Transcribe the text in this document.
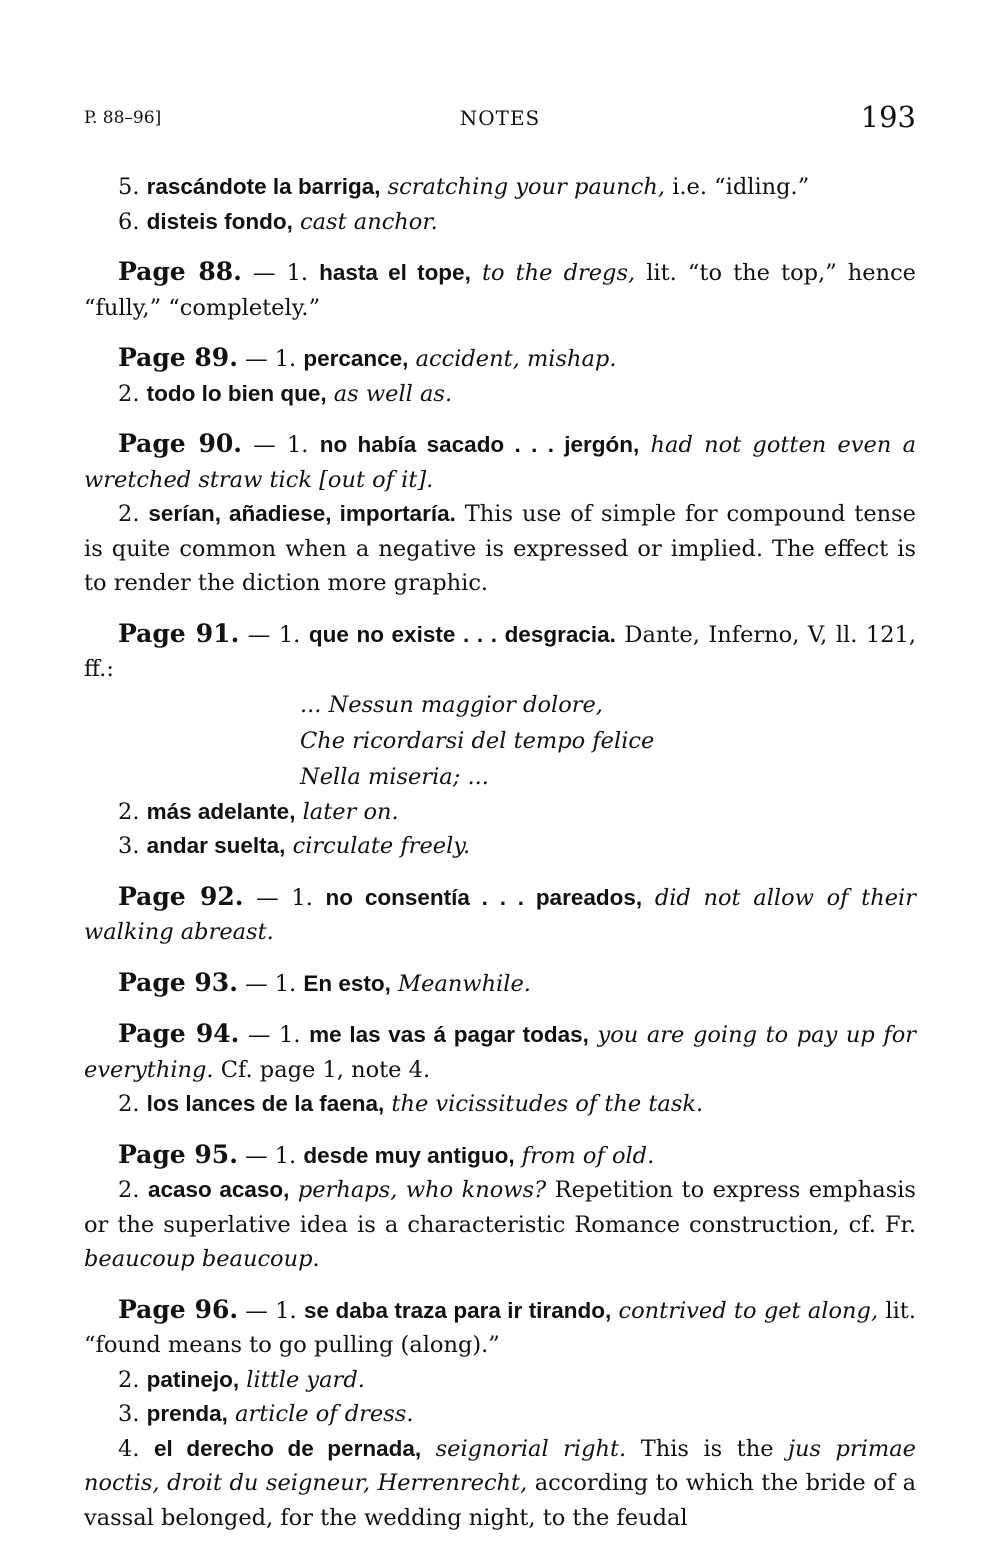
P. 88–96]	NOTES	193

5. rascándote la barriga, scratching your paunch, i.e. “idling.”

6. disteis fondo, cast anchor.

Page 88. — 1. hasta el tope, to the dregs, lit. “to the top,” hence “fully,” “completely.”

Page 89. — 1. percance, accident, mishap.

2. todo lo bien que, as well as.

Page 90. — 1. no había sacado . . . jergón, had not gotten even a wretched straw tick [out of it].

2. serían, añadiese, importaría. This use of simple for compound tense is quite common when a negative is expressed or implied. The effect is to render the diction more graphic.

Page 91. — 1. que no existe . . . desgracia. Dante, Inferno, V, ll. 121, ff.:

... Nessun maggior dolore,
Che ricordarsi del tempo felice
Nella miseria; ...

2. más adelante, later on.

3. andar suelta, circulate freely.

Page 92. — 1. no consentía . . . pareados, did not allow of their walking abreast.

Page 93. — 1. En esto, Meanwhile.

Page 94. — 1. me las vas á pagar todas, you are going to pay up for everything. Cf. page 1, note 4.

2. los lances de la faena, the vicissitudes of the task.

Page 95. — 1. desde muy antiguo, from of old.

2. acaso acaso, perhaps, who knows? Repetition to express emphasis or the superlative idea is a characteristic Romance construction, cf. Fr. beaucoup beaucoup.

Page 96. — 1. se daba traza para ir tirando, contrived to get along, lit. “found means to go pulling (along).”

2. patinejo, little yard.

3. prenda, article of dress.

4. el derecho de pernada, seignorial right. This is the jus primae noctis, droit du seigneur, Herrenrecht, according to which the bride of a vassal belonged, for the wedding night, to the feudal
